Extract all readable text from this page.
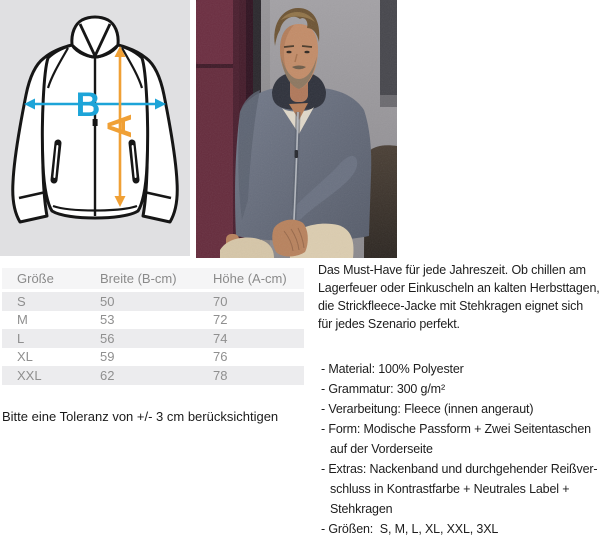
B
A
Größe	Breite (B-cm)	Höhe (A-cm)
S	50	70
M	53	72
L	56	74
XL	59	76
XXL	62	78
Bitte eine Toleranz von +/- 3 cm berücksichtigen

Das Must-Have für jede Jahreszeit. Ob chillen am Lagerfeuer oder Einkuscheln an kalten Herbsttagen, die Strickfleece-Jacke mit Stehkragen eignet sich für jedes Szenario perfekt.

- Material: 100% Polyester
- Grammatur: 300 g/m²
- Verarbeitung: Fleece (innen angeraut)
- Form: Modische Passform + Zwei Seitentaschen auf der Vorderseite
- Extras: Nackenband und durchgehender Reißverschluss in Kontrastfarbe + Neutrales Label + Stehkragen
- Größen:  S, M, L, XL, XXL, 3XL
